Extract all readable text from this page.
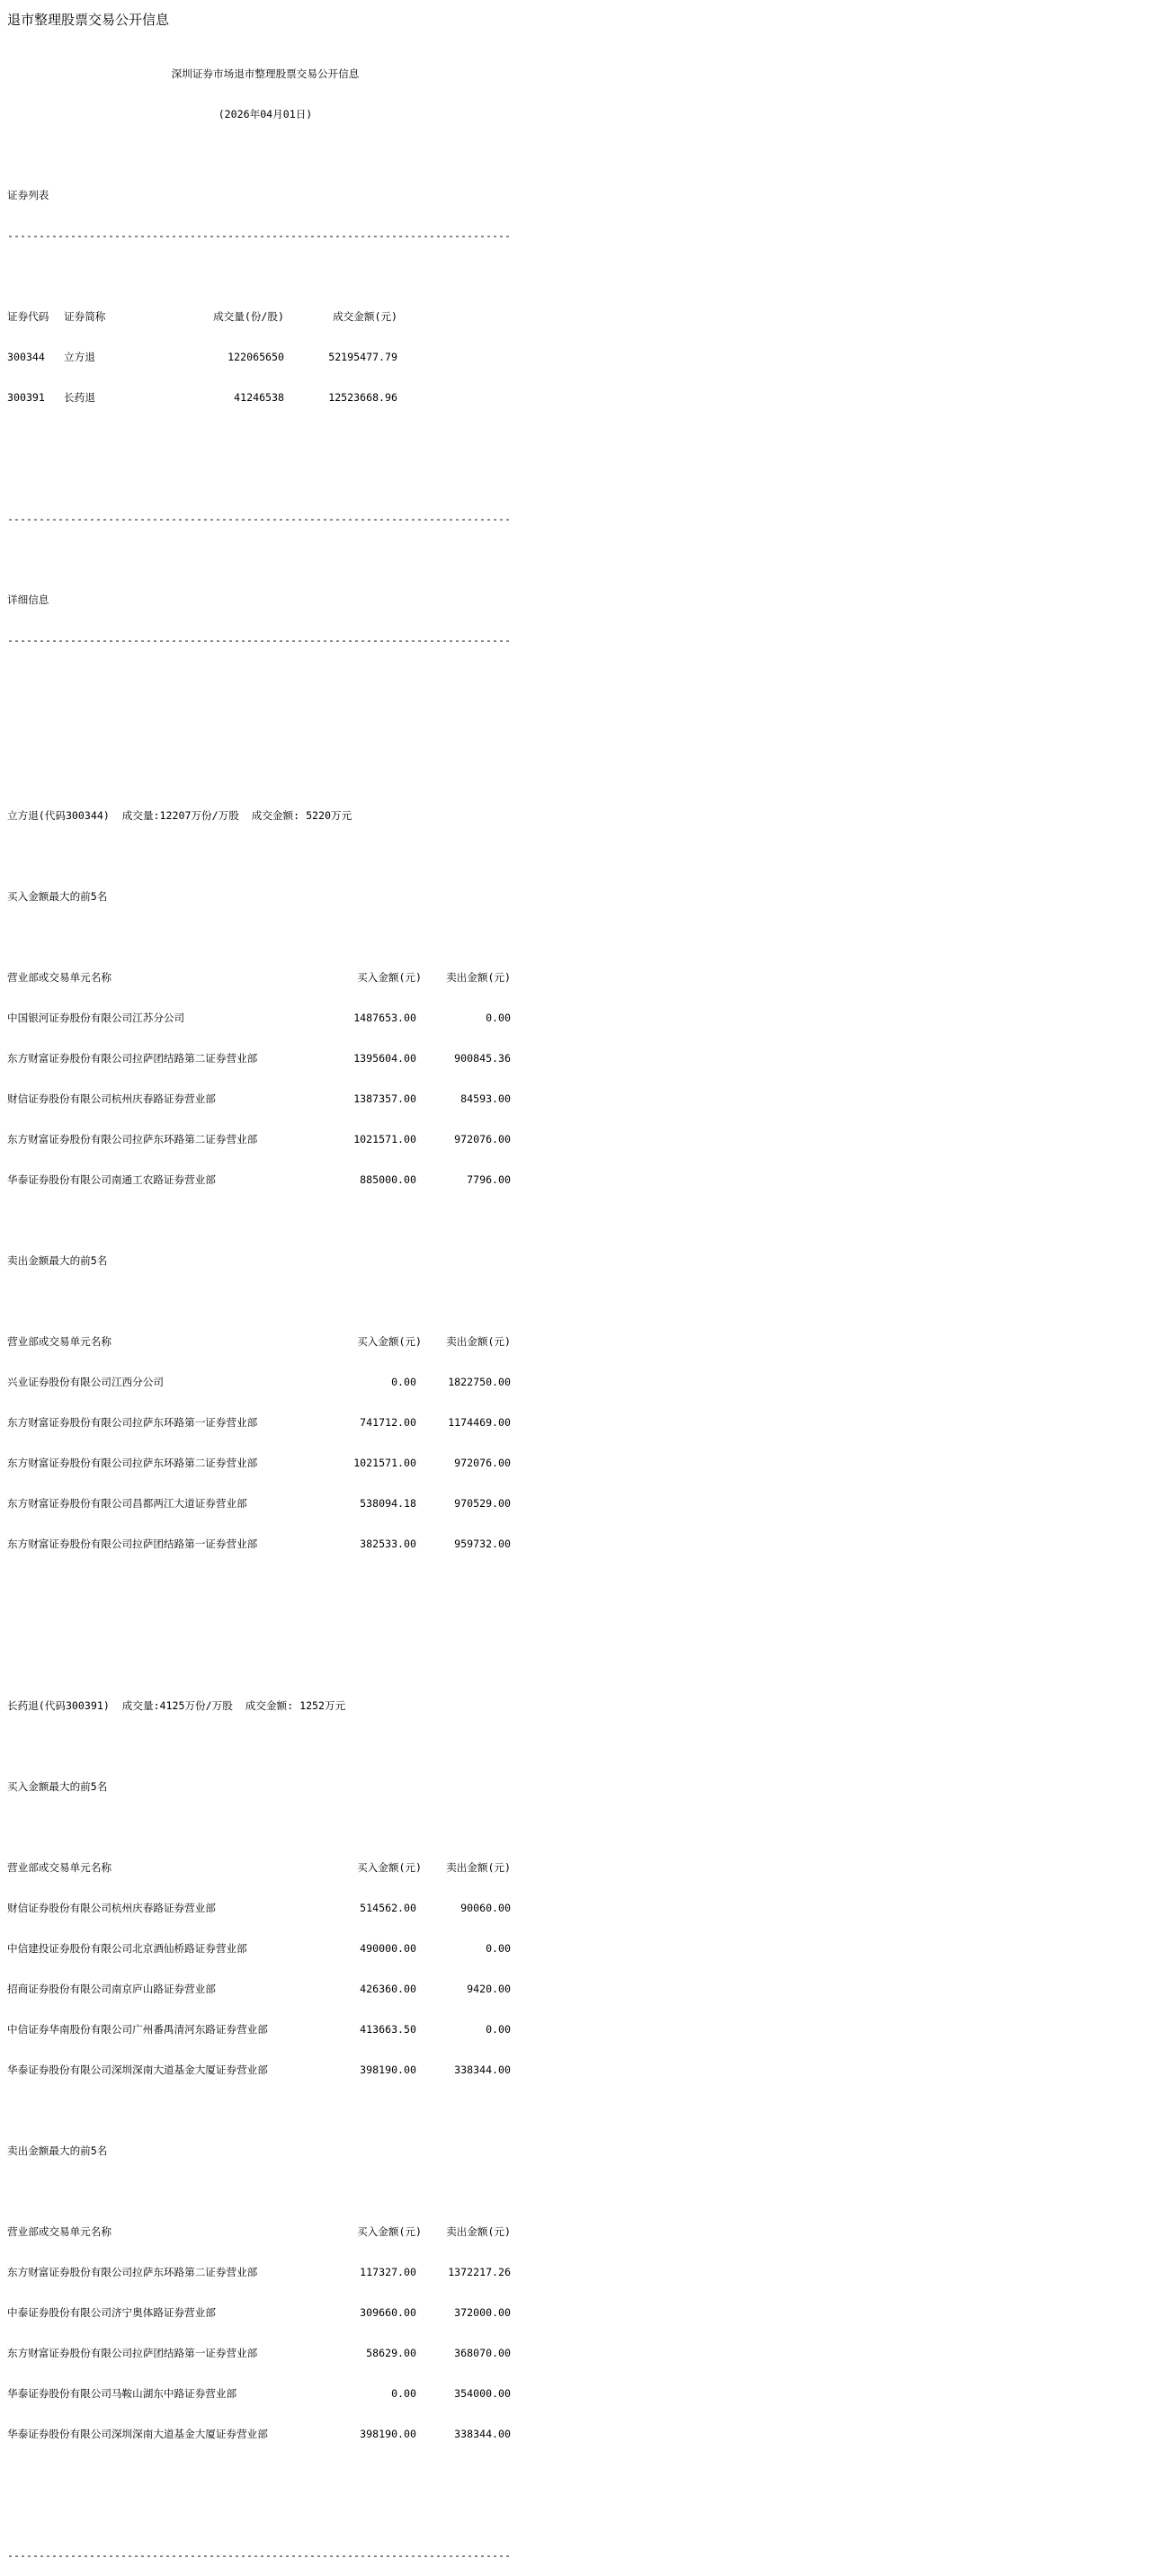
退市整理股票交易公开信息

深圳证券市场退市整理股票交易公开信息

(2026年04月01日)

证券列表

-----

证券代码	证券简称	成交量(份/股)	成交金额(元)

300344	立方退	122065650	52195477.79

300391	长药退	41246538	12523668.96

-----

详细信息

-----

立方退(代码300344)  成交量:12207万份/万股  成交金额: 5220万元

买入金额最大的前5名

营业部或交易单元名称	买入金额(元)	卖出金额(元)

中国银河证券股份有限公司江苏分公司	1487653.00	0.00

东方财富证券股份有限公司拉萨团结路第二证券营业部	1395604.00	900845.36

财信证券股份有限公司杭州庆春路证券营业部	1387357.00	84593.00

东方财富证券股份有限公司拉萨东环路第二证券营业部	1021571.00	972076.00

华泰证券股份有限公司南通工农路证券营业部	885000.00	7796.00

卖出金额最大的前5名

营业部或交易单元名称	买入金额(元)	卖出金额(元)

兴业证券股份有限公司江西分公司	0.00	1822750.00

东方财富证券股份有限公司拉萨东环路第一证券营业部	741712.00	1174469.00

东方财富证券股份有限公司拉萨东环路第二证券营业部	1021571.00	972076.00

东方财富证券股份有限公司昌都两江大道证券营业部	538094.18	970529.00

东方财富证券股份有限公司拉萨团结路第一证券营业部	382533.00	959732.00

长药退(代码300391)  成交量:4125万份/万股  成交金额: 1252万元

买入金额最大的前5名

营业部或交易单元名称	买入金额(元)	卖出金额(元)

财信证券股份有限公司杭州庆春路证券营业部	514562.00	90060.00

中信建投证券股份有限公司北京酒仙桥路证券营业部	490000.00	0.00

招商证券股份有限公司南京庐山路证券营业部	426360.00	9420.00

中信证券华南股份有限公司广州番禺清河东路证券营业部	413663.50	0.00

华泰证券股份有限公司深圳深南大道基金大厦证券营业部	398190.00	338344.00

卖出金额最大的前5名

营业部或交易单元名称	买入金额(元)	卖出金额(元)

东方财富证券股份有限公司拉萨东环路第二证券营业部	117327.00	1372217.26

中泰证券股份有限公司济宁奥体路证券营业部	309660.00	372000.00

东方财富证券股份有限公司拉萨团结路第一证券营业部	58629.00	368070.00

华泰证券股份有限公司马鞍山湖东中路证券营业部	0.00	354000.00

华泰证券股份有限公司深圳深南大道基金大厦证券营业部	398190.00	338344.00

-----
